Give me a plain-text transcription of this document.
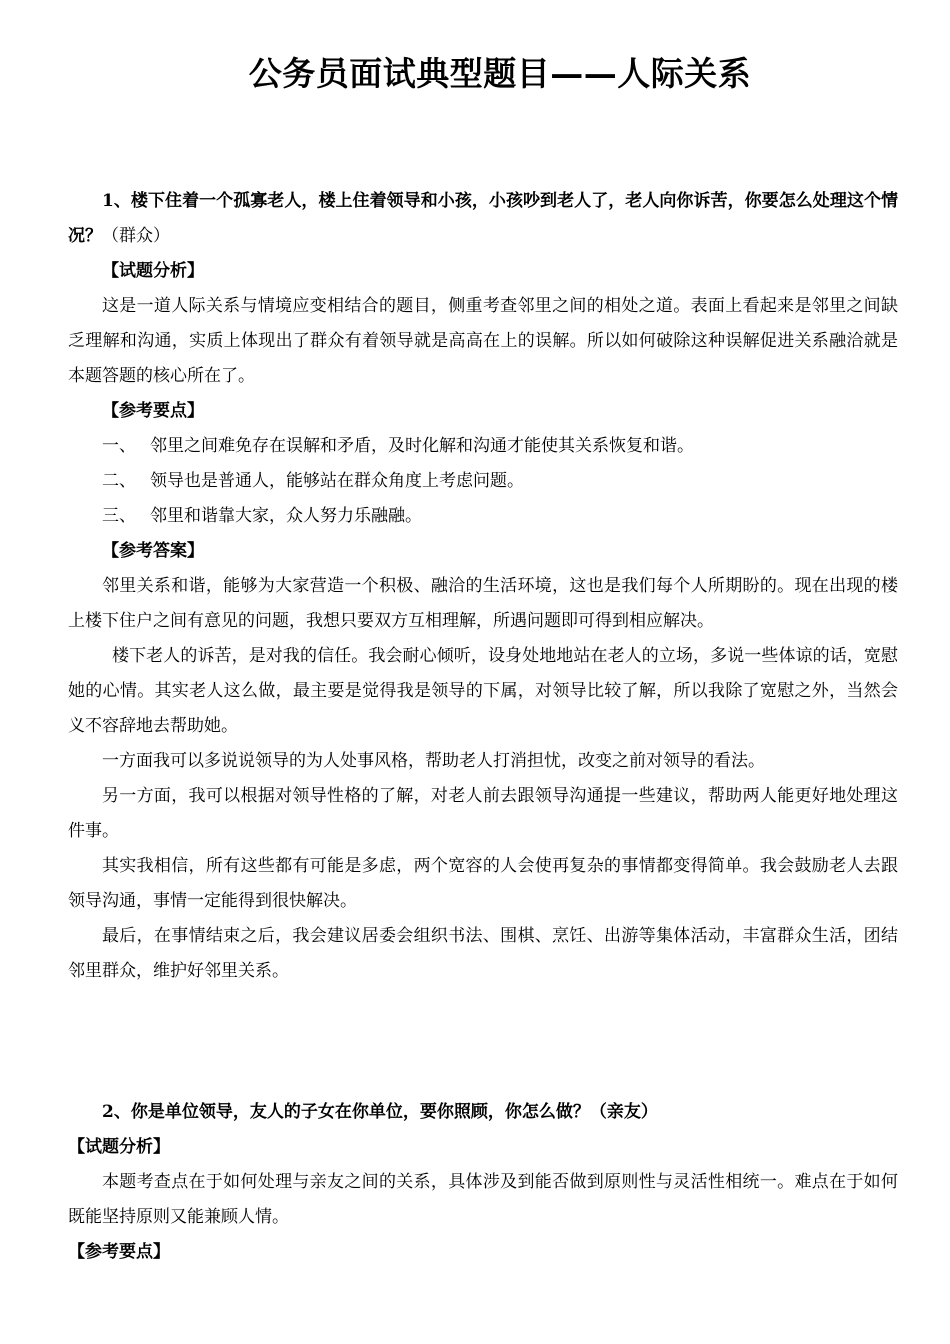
公务员面试典型题目——人际关系

1、楼下住着一个孤寡老人，楼上住着领导和小孩，小孩吵到老人了，老人向你诉苦，你要怎么处理这个情况？（群众）

【试题分析】

这是一道人际关系与情境应变相结合的题目，侧重考查邻里之间的相处之道。表面上看起来是邻里之间缺乏理解和沟通，实质上体现出了群众有着领导就是高高在上的误解。所以如何破除这种误解促进关系融洽就是本题答题的核心所在了。

【参考要点】

一、 邻里之间难免存在误解和矛盾，及时化解和沟通才能使其关系恢复和谐。

二、 领导也是普通人，能够站在群众角度上考虑问题。

三、 邻里和谐靠大家，众人努力乐融融。

【参考答案】

邻里关系和谐，能够为大家营造一个积极、融洽的生活环境，这也是我们每个人所期盼的。现在出现的楼上楼下住户之间有意见的问题，我想只要双方互相理解，所遇问题即可得到相应解决。

楼下老人的诉苦，是对我的信任。我会耐心倾听，设身处地地站在老人的立场，多说一些体谅的话，宽慰她的心情。其实老人这么做，最主要是觉得我是领导的下属，对领导比较了解，所以我除了宽慰之外，当然会义不容辞地去帮助她。

一方面我可以多说说领导的为人处事风格，帮助老人打消担忧，改变之前对领导的看法。

另一方面，我可以根据对领导性格的了解，对老人前去跟领导沟通提一些建议，帮助两人能更好地处理这件事。

其实我相信，所有这些都有可能是多虑，两个宽容的人会使再复杂的事情都变得简单。我会鼓励老人去跟领导沟通，事情一定能得到很快解决。

最后，在事情结束之后，我会建议居委会组织书法、围棋、烹饪、出游等集体活动，丰富群众生活，团结邻里群众，维护好邻里关系。

2、你是单位领导，友人的子女在你单位，要你照顾，你怎么做？（亲友）

【试题分析】

本题考查点在于如何处理与亲友之间的关系，具体涉及到能否做到原则性与灵活性相统一。难点在于如何既能坚持原则又能兼顾人情。

【参考要点】
